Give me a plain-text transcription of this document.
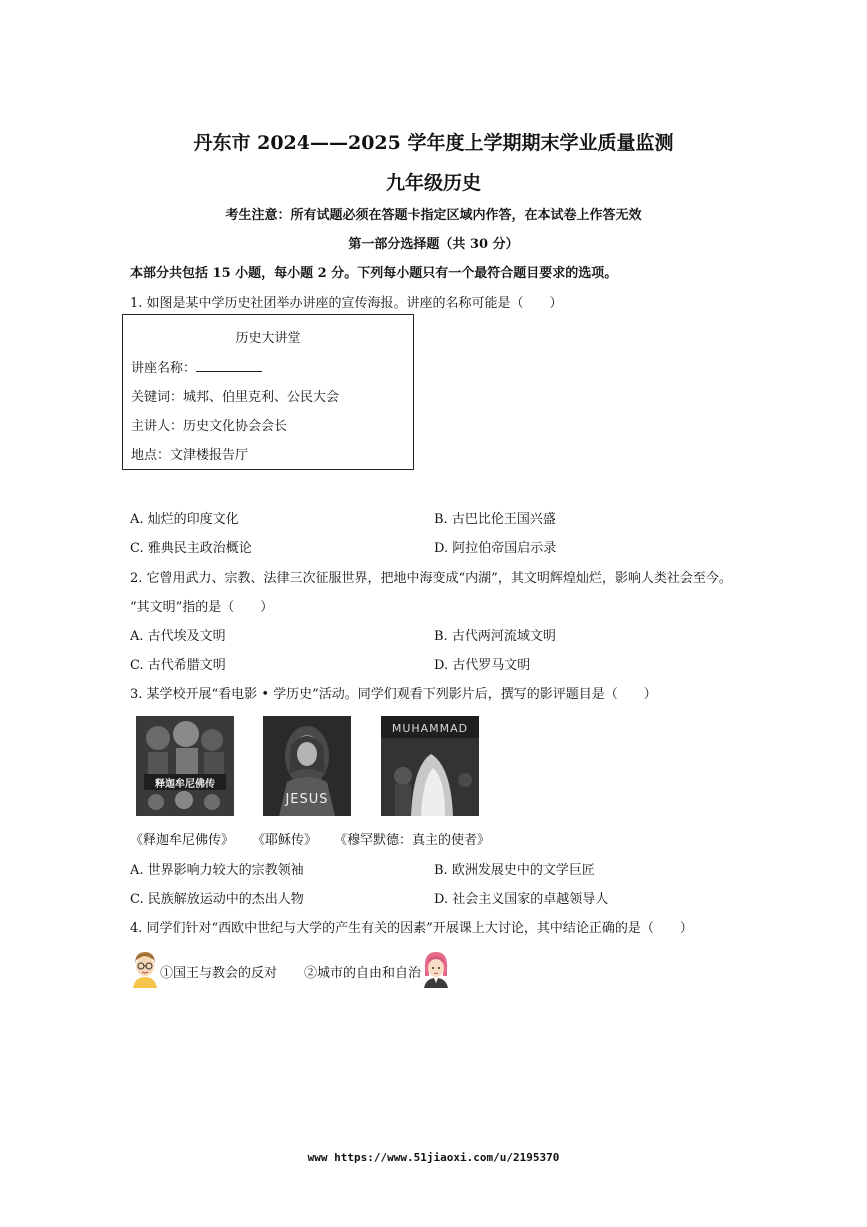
丹东市 2024——2025 学年度上学期期末学业质量监测
九年级历史
考生注意：所有试题必须在答题卡指定区域内作答，在本试卷上作答无效
第一部分选择题（共 30 分）
本部分共包括 15 小题，每小题 2 分。下列每小题只有一个最符合题目要求的选项。
1. 如图是某中学历史社团举办讲座的宣传海报。讲座的名称可能是（　　）
历史大讲堂
讲座名称：
关键词：城邦、伯里克利、公民大会
主讲人：历史文化协会会长
地点：文津楼报告厅
A. 灿烂的印度文化	B. 古巴比伦王国兴盛
C. 雅典民主政治概论	D. 阿拉伯帝国启示录
2. 它曾用武力、宗教、法律三次征服世界，把地中海变成“内湖”，其文明辉煌灿烂，影响人类社会至今。
“其文明”指的是（　　）
A. 古代埃及文明	B. 古代两河流域文明
C. 古代希腊文明	D. 古代罗马文明
3. 某学校开展“看电影 • 学历史”活动。同学们观看下列影片后，撰写的影评题目是（　　）
释迦牟尼佛传
JESUS
MUHAMMAD
《释迦牟尼佛传》 《耶稣传》 《穆罕默德：真主的使者》
A. 世界影响力较大的宗教领袖	B. 欧洲发展史中的文学巨匠
C. 民族解放运动中的杰出人物	D. 社会主义国家的卓越领导人
4. 同学们针对“西欧中世纪与大学的产生有关的因素”开展课上大讨论，其中结论正确的是（　　）
①国王与教会的反对 ②城市的自由和自治
www https://www.51jiaoxi.com/u/2195370
